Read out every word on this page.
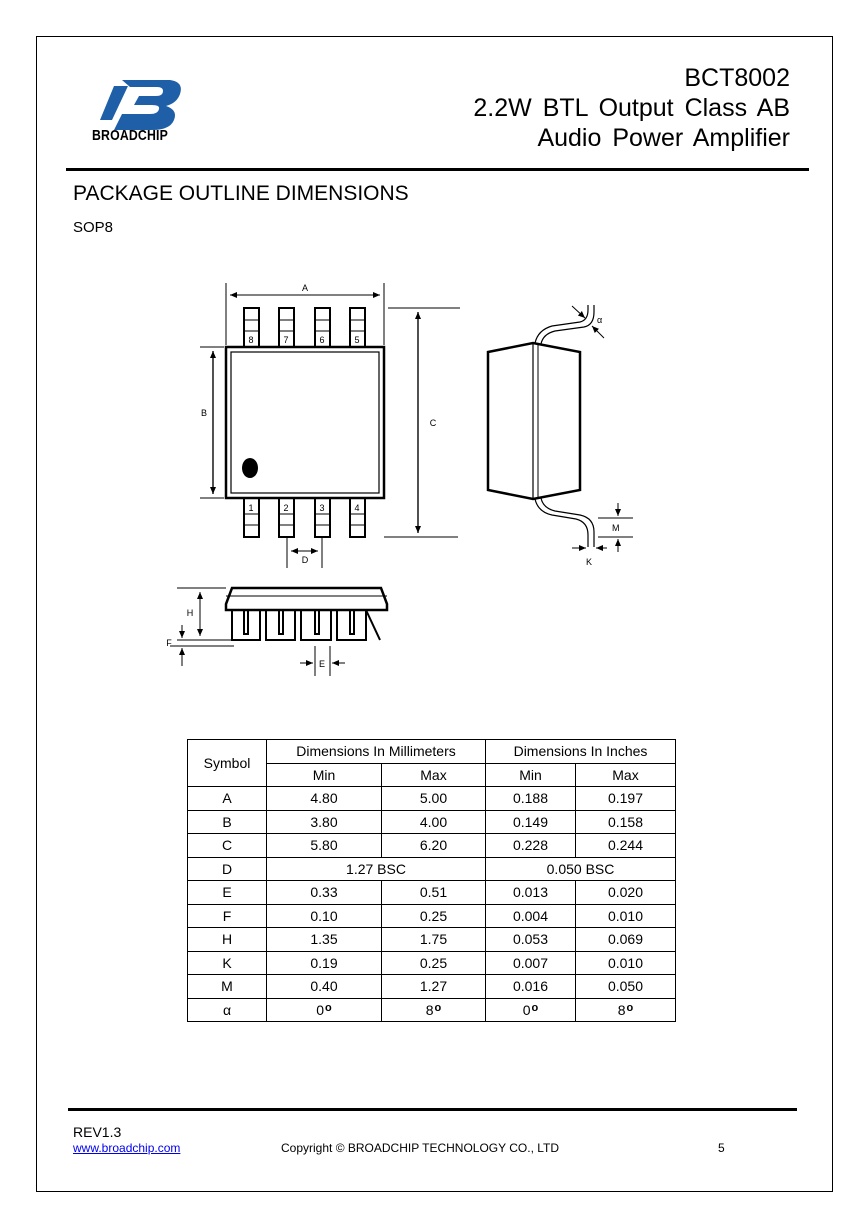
BROADCHIP
BCT8002
2.2W BTL Output Class AB
Audio Power Amplifier
PACKAGE OUTLINE DIMENSIONS
SOP8
8	7	6	5
1	2	3	4
A
B
C
D
α
M
K
H
F
E
Symbol	Dimensions In Millimeters		Dimensions In Inches	
	Min	Max	Min	Max
A	4.80	5.00	0.188	0.197
B	3.80	4.00	0.149	0.158
C	5.80	6.20	0.228	0.244
D	1.27 BSC		0.050 BSC	
E	0.33	0.51	0.013	0.020
F	0.10	0.25	0.004	0.010
H	1.35	1.75	0.053	0.069
K	0.19	0.25	0.007	0.010
M	0.40	1.27	0.016	0.050
α	0$^o$	8$^o$	0$^o$	8$^o$
REV1.3
www.broadchip.com	Copyright © BROADCHIP TECHNOLOGY CO., LTD	5
